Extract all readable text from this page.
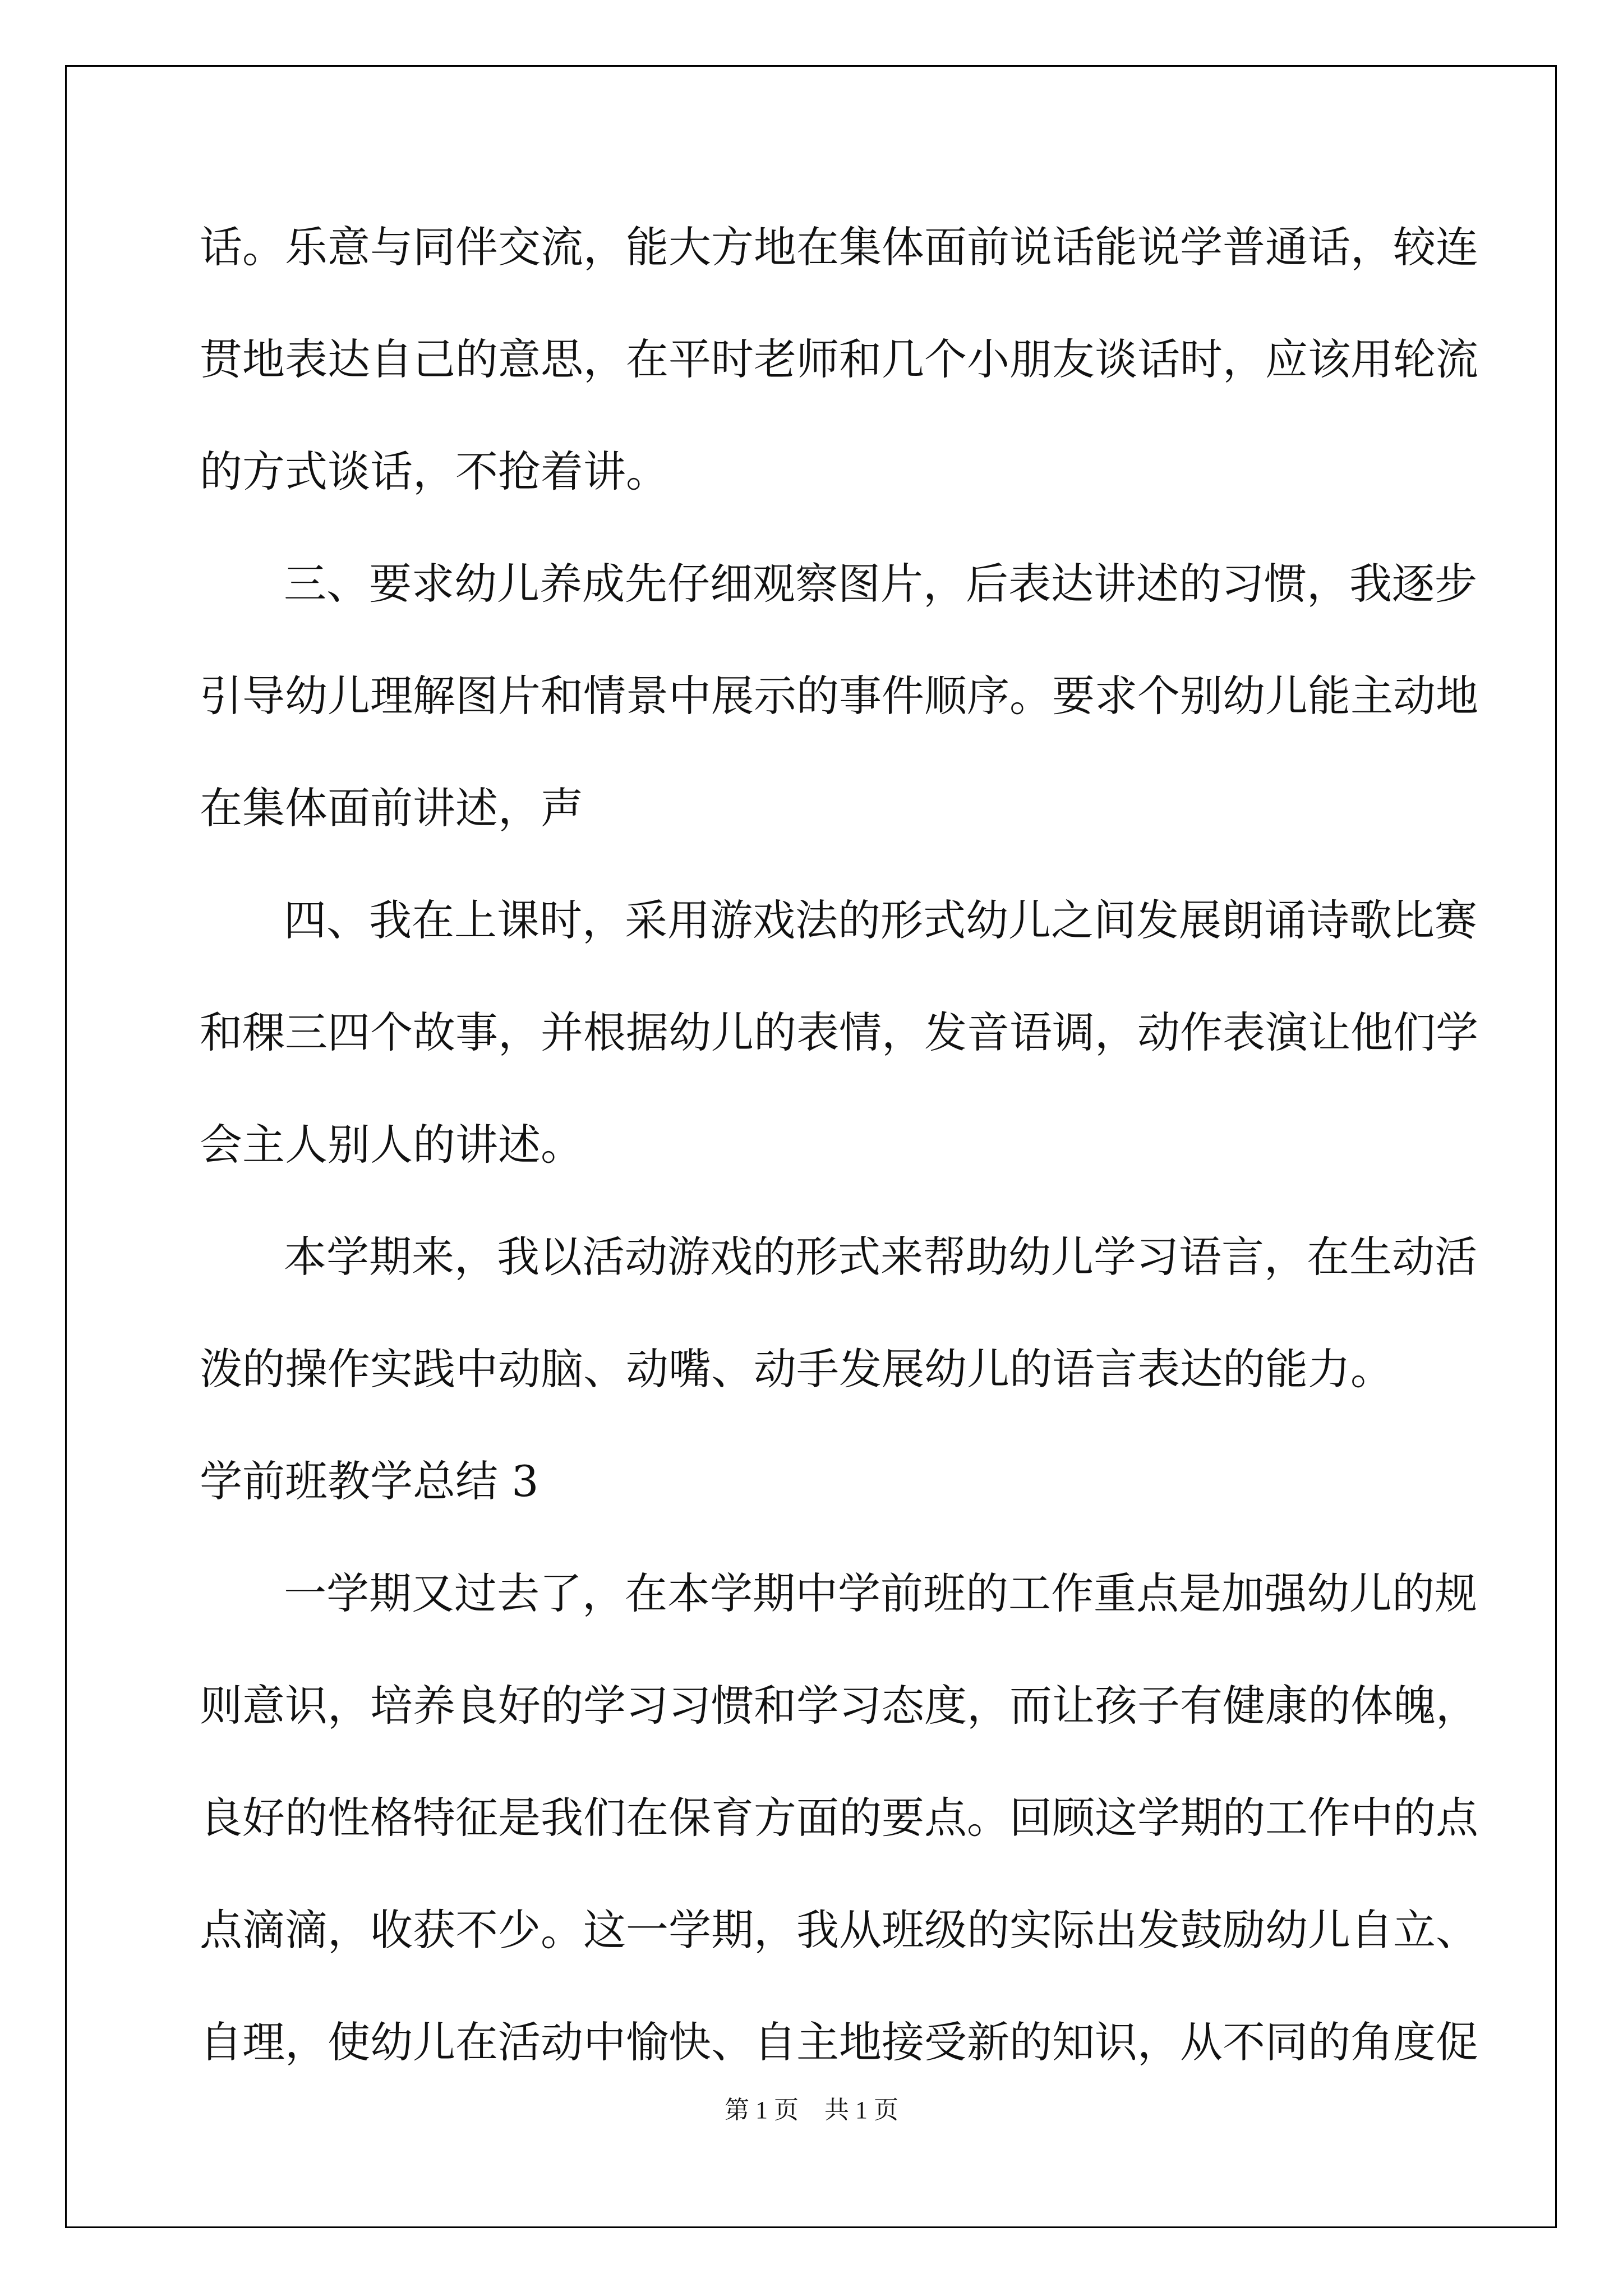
话。乐意与同伴交流，能大方地在集体面前说话能说学普通话，较连

贯地表达自己的意思，在平时老师和几个小朋友谈话时，应该用轮流

的方式谈话，不抢着讲。

三、要求幼儿养成先仔细观察图片，后表达讲述的习惯，我逐步

引导幼儿理解图片和情景中展示的事件顺序。要求个别幼儿能主动地

在集体面前讲述，声

四、我在上课时，采用游戏法的形式幼儿之间发展朗诵诗歌比赛

和稞三四个故事，并根据幼儿的表情，发音语调，动作表演让他们学

会主人别人的讲述。

本学期来，我以活动游戏的形式来帮助幼儿学习语言，在生动活

泼的操作实践中动脑、动嘴、动手发展幼儿的语言表达的能力。

学前班教学总结 3

一学期又过去了，在本学期中学前班的工作重点是加强幼儿的规

则意识，培养良好的学习习惯和学习态度，而让孩子有健康的体魄，

良好的性格特征是我们在保育方面的要点。回顾这学期的工作中的点

点滴滴，收获不少。这一学期，我从班级的实际出发鼓励幼儿自立、

自理，使幼儿在活动中愉快、自主地接受新的知识，从不同的角度促

第 1 页 共 1 页
